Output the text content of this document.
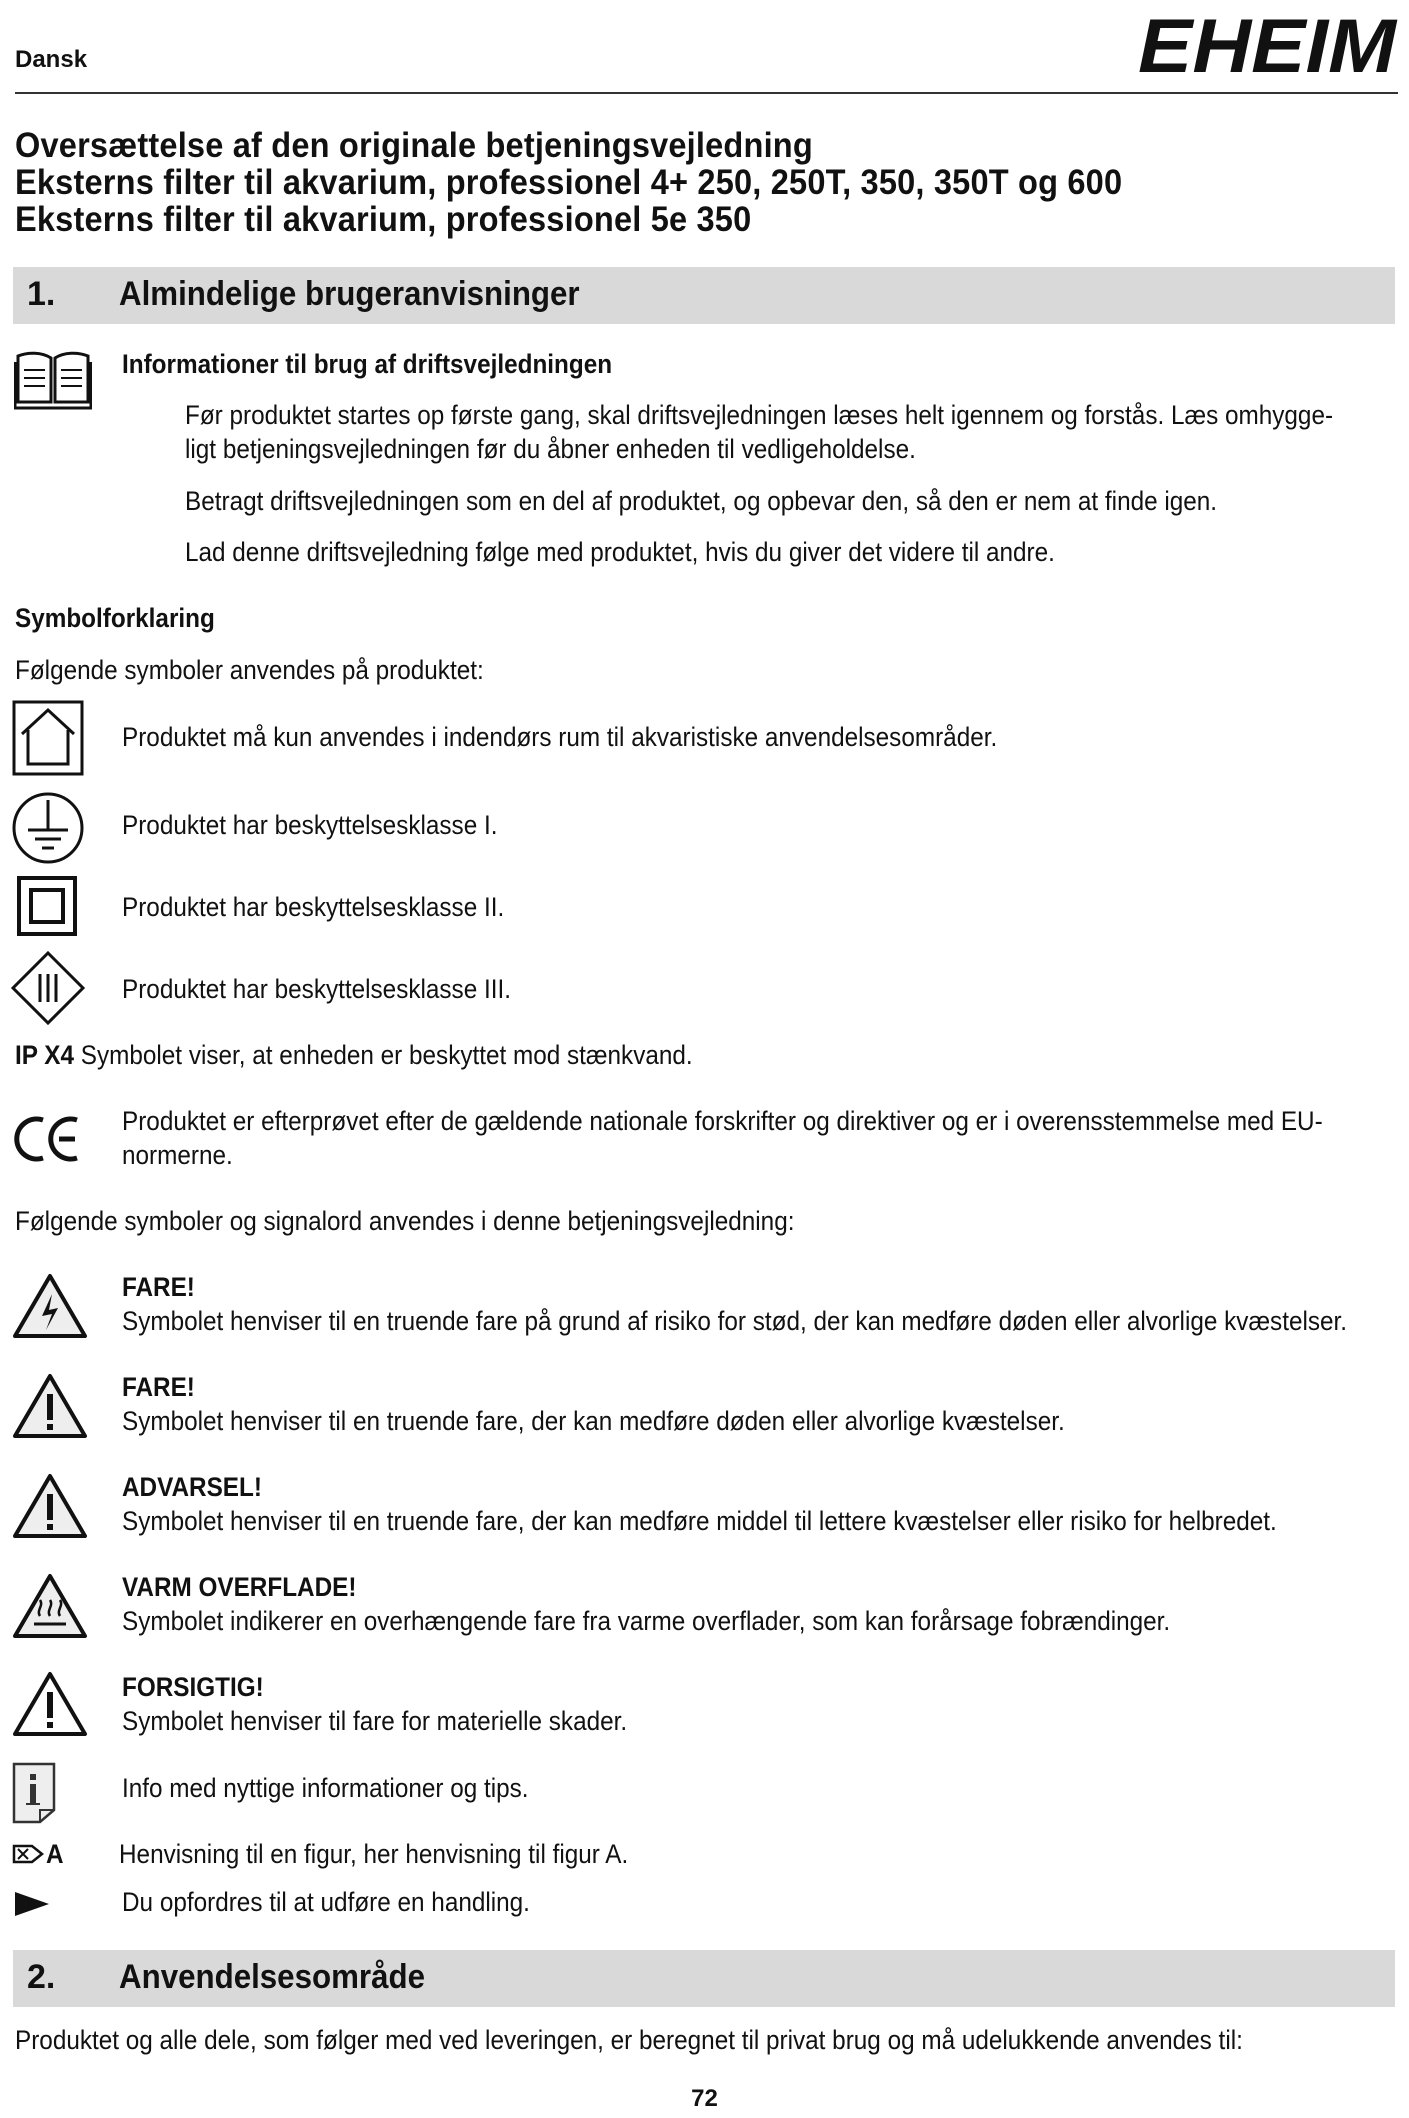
Dansk	EHEIM
Oversættelse af den originale betjeningsvejledning
Eksterns filter til akvarium, professionel 4+ 250, 250T, 350, 350T og 600
Eksterns filter til akvarium, professionel 5e 350
1. Almindelige brugeranvisninger
Informationer til brug af driftsvejledningen
Før produktet startes op første gang, skal driftsvejledningen læses helt igennem og forstås. Læs omhygge-
ligt betjeningsvejledningen før du åbner enheden til vedligeholdelse.
Betragt driftsvejledningen som en del af produktet, og opbevar den, så den er nem at finde igen.
Lad denne driftsvejledning følge med produktet, hvis du giver det videre til andre.
Symbolforklaring
Følgende symboler anvendes på produktet:
Produktet må kun anvendes i indendørs rum til akvaristiske anvendelsesområder.
Produktet har beskyttelsesklasse I.
Produktet har beskyttelsesklasse II.
Produktet har beskyttelsesklasse III.
IP X4 Symbolet viser, at enheden er beskyttet mod stænkvand.
Produktet er efterprøvet efter de gældende nationale forskrifter og direktiver og er i overensstemmelse med EU-
normerne.
Følgende symboler og signalord anvendes i denne betjeningsvejledning:
FARE!
Symbolet henviser til en truende fare på grund af risiko for stød, der kan medføre døden eller alvorlige kvæstelser.
FARE!
Symbolet henviser til en truende fare, der kan medføre døden eller alvorlige kvæstelser.
ADVARSEL!
Symbolet henviser til en truende fare, der kan medføre middel til lettere kvæstelser eller risiko for helbredet.
VARM OVERFLADE!
Symbolet indikerer en overhængende fare fra varme overflader, som kan forårsage fobrændinger.
FORSIGTIG!
Symbolet henviser til fare for materielle skader.
Info med nyttige informationer og tips.
A Henvisning til en figur, her henvisning til figur A.
Du opfordres til at udføre en handling.
2. Anvendelsesområde
Produktet og alle dele, som følger med ved leveringen, er beregnet til privat brug og må udelukkende anvendes til:
72
